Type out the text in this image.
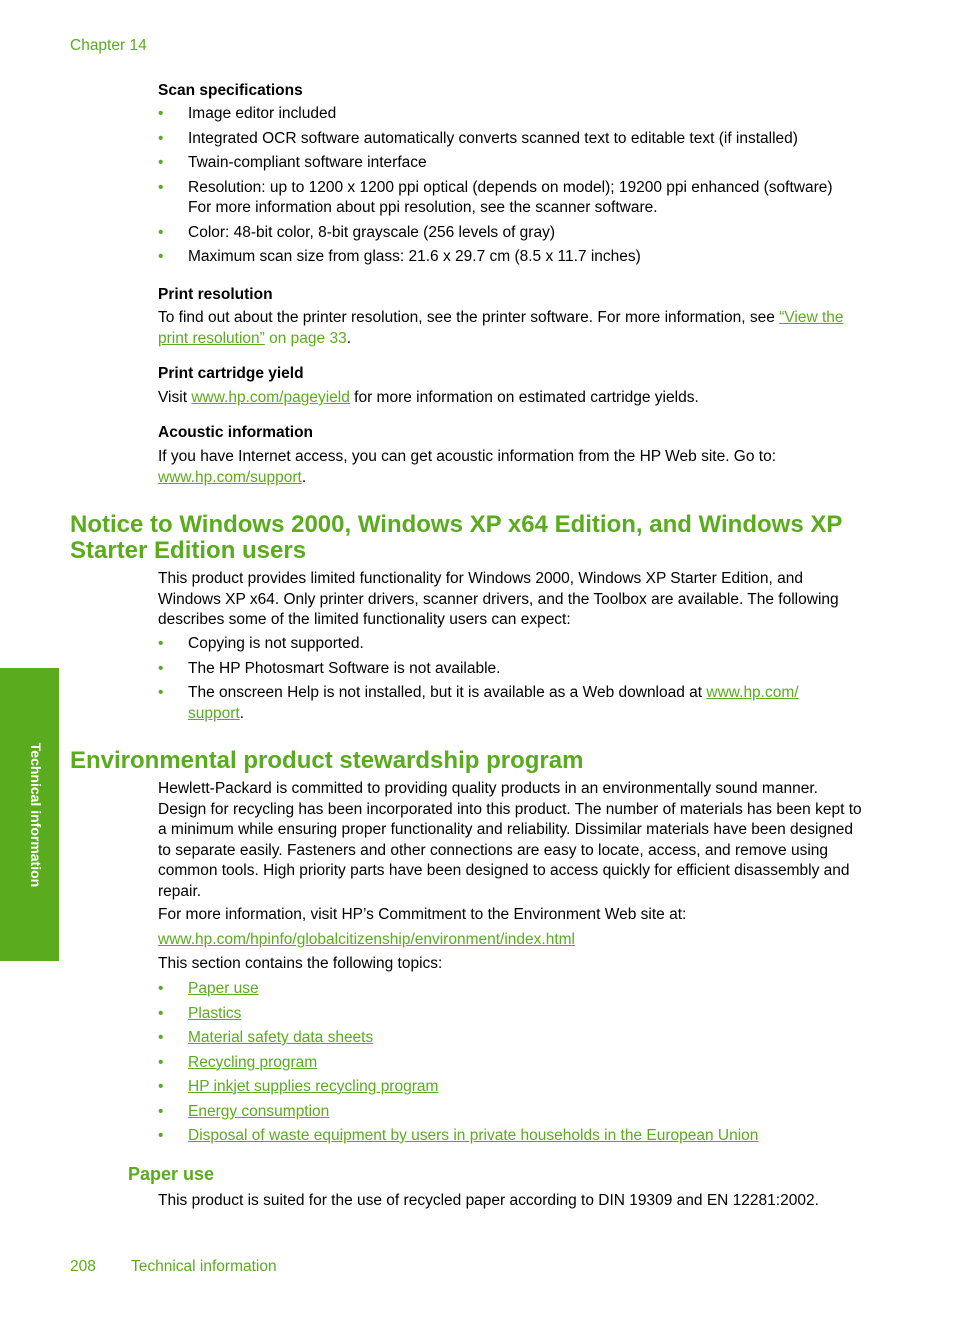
Chapter 14
Scan specifications
• Image editor included
• Integrated OCR software automatically converts scanned text to editable text (if installed)
• Twain-compliant software interface
• Resolution: up to 1200 x 1200 ppi optical (depends on model); 19200 ppi enhanced (software) For more information about ppi resolution, see the scanner software.
• Color: 48-bit color, 8-bit grayscale (256 levels of gray)
• Maximum scan size from glass: 21.6 x 29.7 cm (8.5 x 11.7 inches)
Print resolution
To find out about the printer resolution, see the printer software. For more information, see “View the print resolution” on page 33.
Print cartridge yield
Visit www.hp.com/pageyield for more information on estimated cartridge yields.
Acoustic information
If you have Internet access, you can get acoustic information from the HP Web site. Go to: www.hp.com/support.
Notice to Windows 2000, Windows XP x64 Edition, and Windows XP Starter Edition users
This product provides limited functionality for Windows 2000, Windows XP Starter Edition, and Windows XP x64. Only printer drivers, scanner drivers, and the Toolbox are available. The following describes some of the limited functionality users can expect:
• Copying is not supported.
• The HP Photosmart Software is not available.
• The onscreen Help is not installed, but it is available as a Web download at www.hp.com/ support.
Environmental product stewardship program
Hewlett-Packard is committed to providing quality products in an environmentally sound manner. Design for recycling has been incorporated into this product. The number of materials has been kept to a minimum while ensuring proper functionality and reliability. Dissimilar materials have been designed to separate easily. Fasteners and other connections are easy to locate, access, and remove using common tools. High priority parts have been designed to access quickly for efficient disassembly and repair.
For more information, visit HP’s Commitment to the Environment Web site at:
www.hp.com/hpinfo/globalcitizenship/environment/index.html
This section contains the following topics:
• Paper use
• Plastics
• Material safety data sheets
• Recycling program
• HP inkjet supplies recycling program
• Energy consumption
• Disposal of waste equipment by users in private households in the European Union
Paper use
This product is suited for the use of recycled paper according to DIN 19309 and EN 12281:2002.
Technical information
208 Technical information
